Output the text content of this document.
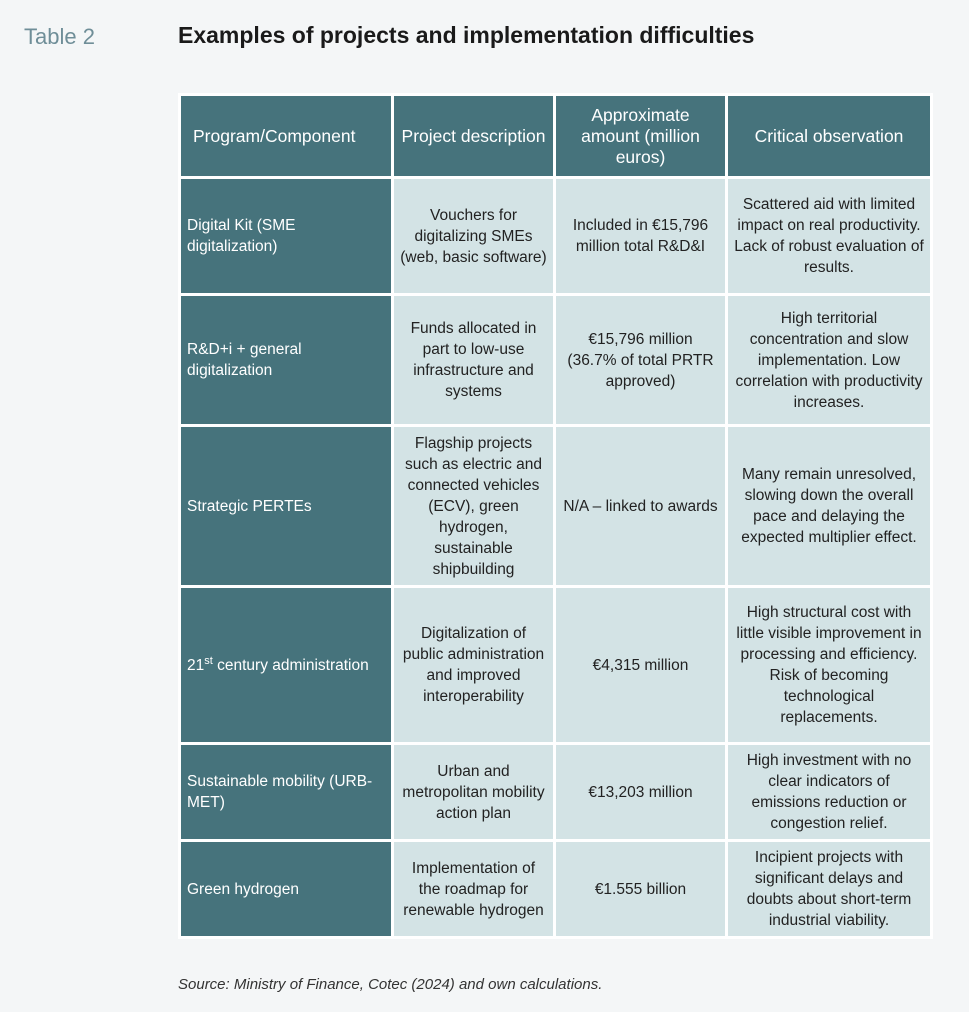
Table 2	Examples of projects and implementation difficulties
Program/Component	Project description	Approximate amount (million euros)	Critical observation
Digital Kit (SME digitalization)	Vouchers for digitalizing SMEs (web, basic software)	Included in €15,796 million total R&D&I	Scattered aid with limited impact on real productivity. Lack of robust evaluation of results.
R&D+i + general digitalization	Funds allocated in part to low-use infrastructure and systems	€15,796 million (36.7% of total PRTR approved)	High territorial concentration and slow implementation. Low correlation with productivity increases.
Strategic PERTEs	Flagship projects such as electric and connected vehicles (ECV), green hydrogen, sustainable shipbuilding	N/A – linked to awards	Many remain unresolved, slowing down the overall pace and delaying the expected multiplier effect.
21st century administration	Digitalization of public administration and improved interoperability	€4,315 million	High structural cost with little visible improvement in processing and efficiency. Risk of becoming technological replacements.
Sustainable mobility (URB-MET)	Urban and metropolitan mobility action plan	€13,203 million	High investment with no clear indicators of emissions reduction or congestion relief.
Green hydrogen	Implementation of the roadmap for renewable hydrogen	€1.555 billion	Incipient projects with significant delays and doubts about short-term industrial viability.
Source: Ministry of Finance, Cotec (2024) and own calculations.
